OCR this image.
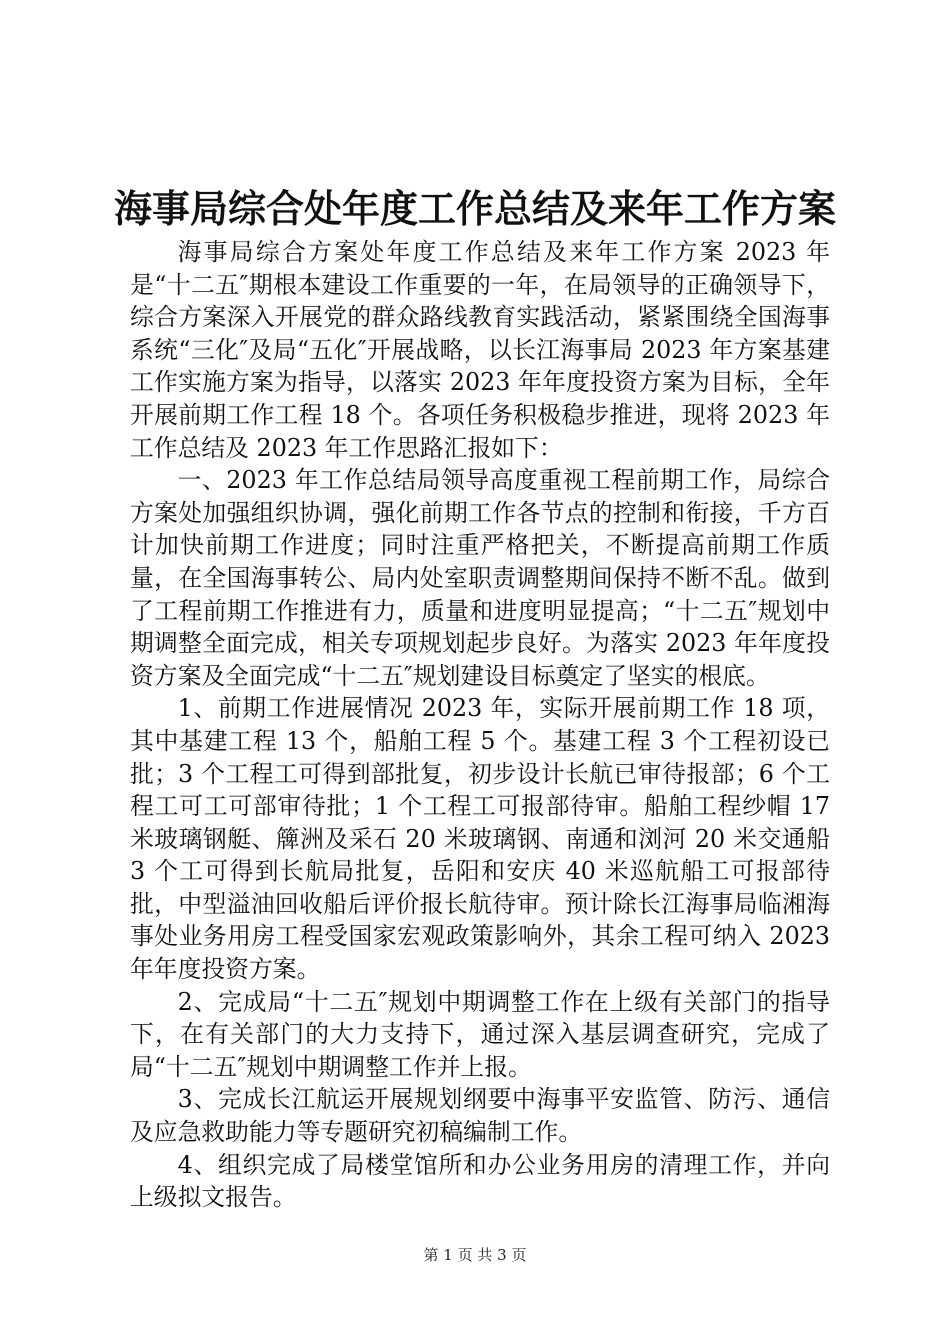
海事局综合处年度工作总结及来年工作方案

海事局综合方案处年度工作总结及来年工作方案 2023 年是“十二五″期根本建设工作重要的一年，在局领导的正确领导下，综合方案深入开展党的群众路线教育实践活动，紧紧围绕全国海事系统“三化″及局“五化″开展战略，以长江海事局 2023 年方案基建工作实施方案为指导，以落实 2023 年年度投资方案为目标，全年开展前期工作工程 18 个。各项任务积极稳步推进，现将 2023 年工作总结及 2023 年工作思路汇报如下：

一、2023 年工作总结局领导高度重视工程前期工作，局综合方案处加强组织协调，强化前期工作各节点的控制和衔接，千方百计加快前期工作进度；同时注重严格把关，不断提高前期工作质量，在全国海事转公、局内处室职责调整期间保持不断不乱。做到了工程前期工作推进有力，质量和进度明显提高；“十二五″规划中期调整全面完成，相关专项规划起步良好。为落实 2023 年年度投资方案及全面完成“十二五″规划建设目标奠定了坚实的根底。

1、前期工作进展情况 2023 年，实际开展前期工作 18 项，其中基建工程 13 个，船舶工程 5 个。基建工程 3 个工程初设已批；3 个工程工可得到部批复，初步设计长航已审待报部；6 个工程工可工可部审待批；1 个工程工可报部待审。船舶工程纱帽 17 米玻璃钢艇、簰洲及采石 20 米玻璃钢、南通和浏河 20 米交通船 3 个工可得到长航局批复，岳阳和安庆 40 米巡航船工可报部待批，中型溢油回收船后评价报长航待审。预计除长江海事局临湘海事处业务用房工程受国家宏观政策影响外，其余工程可纳入 2023 年年度投资方案。

2、完成局“十二五″规划中期调整工作在上级有关部门的指导下，在有关部门的大力支持下，通过深入基层调查研究，完成了局“十二五″规划中期调整工作并上报。

3、完成长江航运开展规划纲要中海事平安监管、防污、通信及应急救助能力等专题研究初稿编制工作。

4、组织完成了局楼堂馆所和办公业务用房的清理工作，并向上级拟文报告。

第 1 页 共 3 页
